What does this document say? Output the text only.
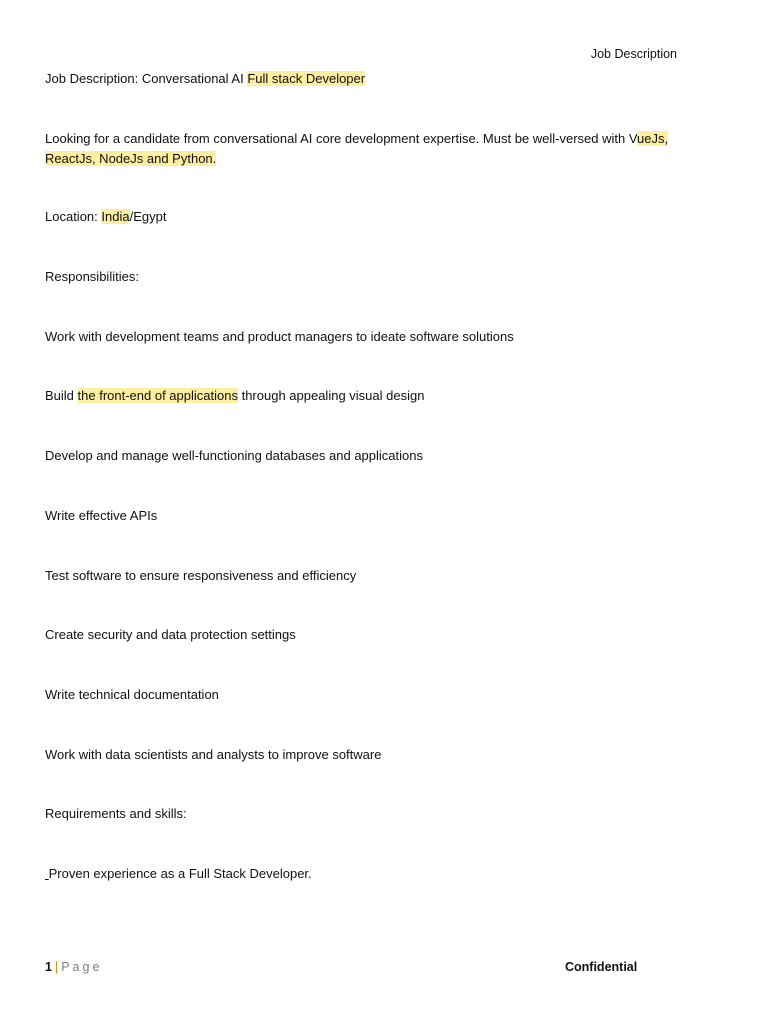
Job Description
Job Description: Conversational AI Full stack Developer
Looking for a candidate from conversational AI core development expertise. Must be well-versed with VueJs,
ReactJs, NodeJs and Python.
Location: India/Egypt
Responsibilities:
Work with development teams and product managers to ideate software solutions
Build the front-end of applications through appealing visual design
Develop and manage well-functioning databases and applications
Write effective APIs
Test software to ensure responsiveness and efficiency
Create security and data protection settings
Write technical documentation
Work with data scientists and analysts to improve software
Requirements and skills:
​ Proven experience as a Full Stack Developer.
1 | Page	Confidential
